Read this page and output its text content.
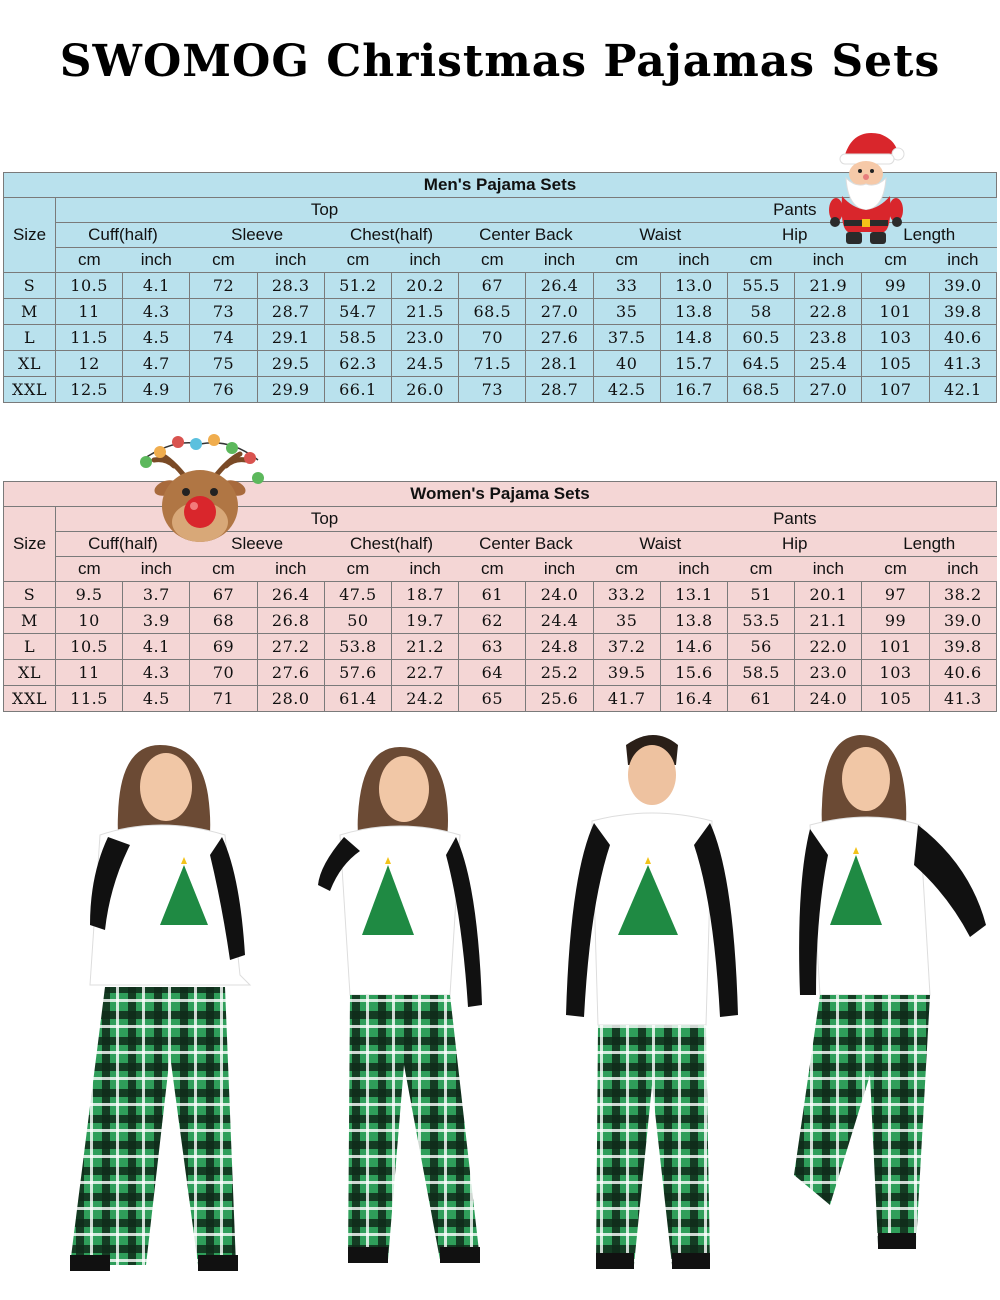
SWOMOG Christmas Pajamas Sets
Men's Pajama Sets														
Size	Top								Pants					
	Cuff(half)		Sleeve		Chest(half)		Center Back		Waist		Hip		Length	
	cm	inch	cm	inch	cm	inch	cm	inch	cm	inch	cm	inch	cm	inch
S	10.5	4.1	72	28.3	51.2	20.2	67	26.4	33	13.0	55.5	21.9	99	39.0
M	11	4.3	73	28.7	54.7	21.5	68.5	27.0	35	13.8	58	22.8	101	39.8
L	11.5	4.5	74	29.1	58.5	23.0	70	27.6	37.5	14.8	60.5	23.8	103	40.6
XL	12	4.7	75	29.5	62.3	24.5	71.5	28.1	40	15.7	64.5	25.4	105	41.3
XXL	12.5	4.9	76	29.9	66.1	26.0	73	28.7	42.5	16.7	68.5	27.0	107	42.1
Women's Pajama Sets														
Size	Top								Pants					
	Cuff(half)		Sleeve		Chest(half)		Center Back		Waist		Hip		Length	
	cm	inch	cm	inch	cm	inch	cm	inch	cm	inch	cm	inch	cm	inch
S	9.5	3.7	67	26.4	47.5	18.7	61	24.0	33.2	13.1	51	20.1	97	38.2
M	10	3.9	68	26.8	50	19.7	62	24.4	35	13.8	53.5	21.1	99	39.0
L	10.5	4.1	69	27.2	53.8	21.2	63	24.8	37.2	14.6	56	22.0	101	39.8
XL	11	4.3	70	27.6	57.6	22.7	64	25.2	39.5	15.6	58.5	23.0	103	40.6
XXL	11.5	4.5	71	28.0	61.4	24.2	65	25.6	41.7	16.4	61	24.0	105	41.3
